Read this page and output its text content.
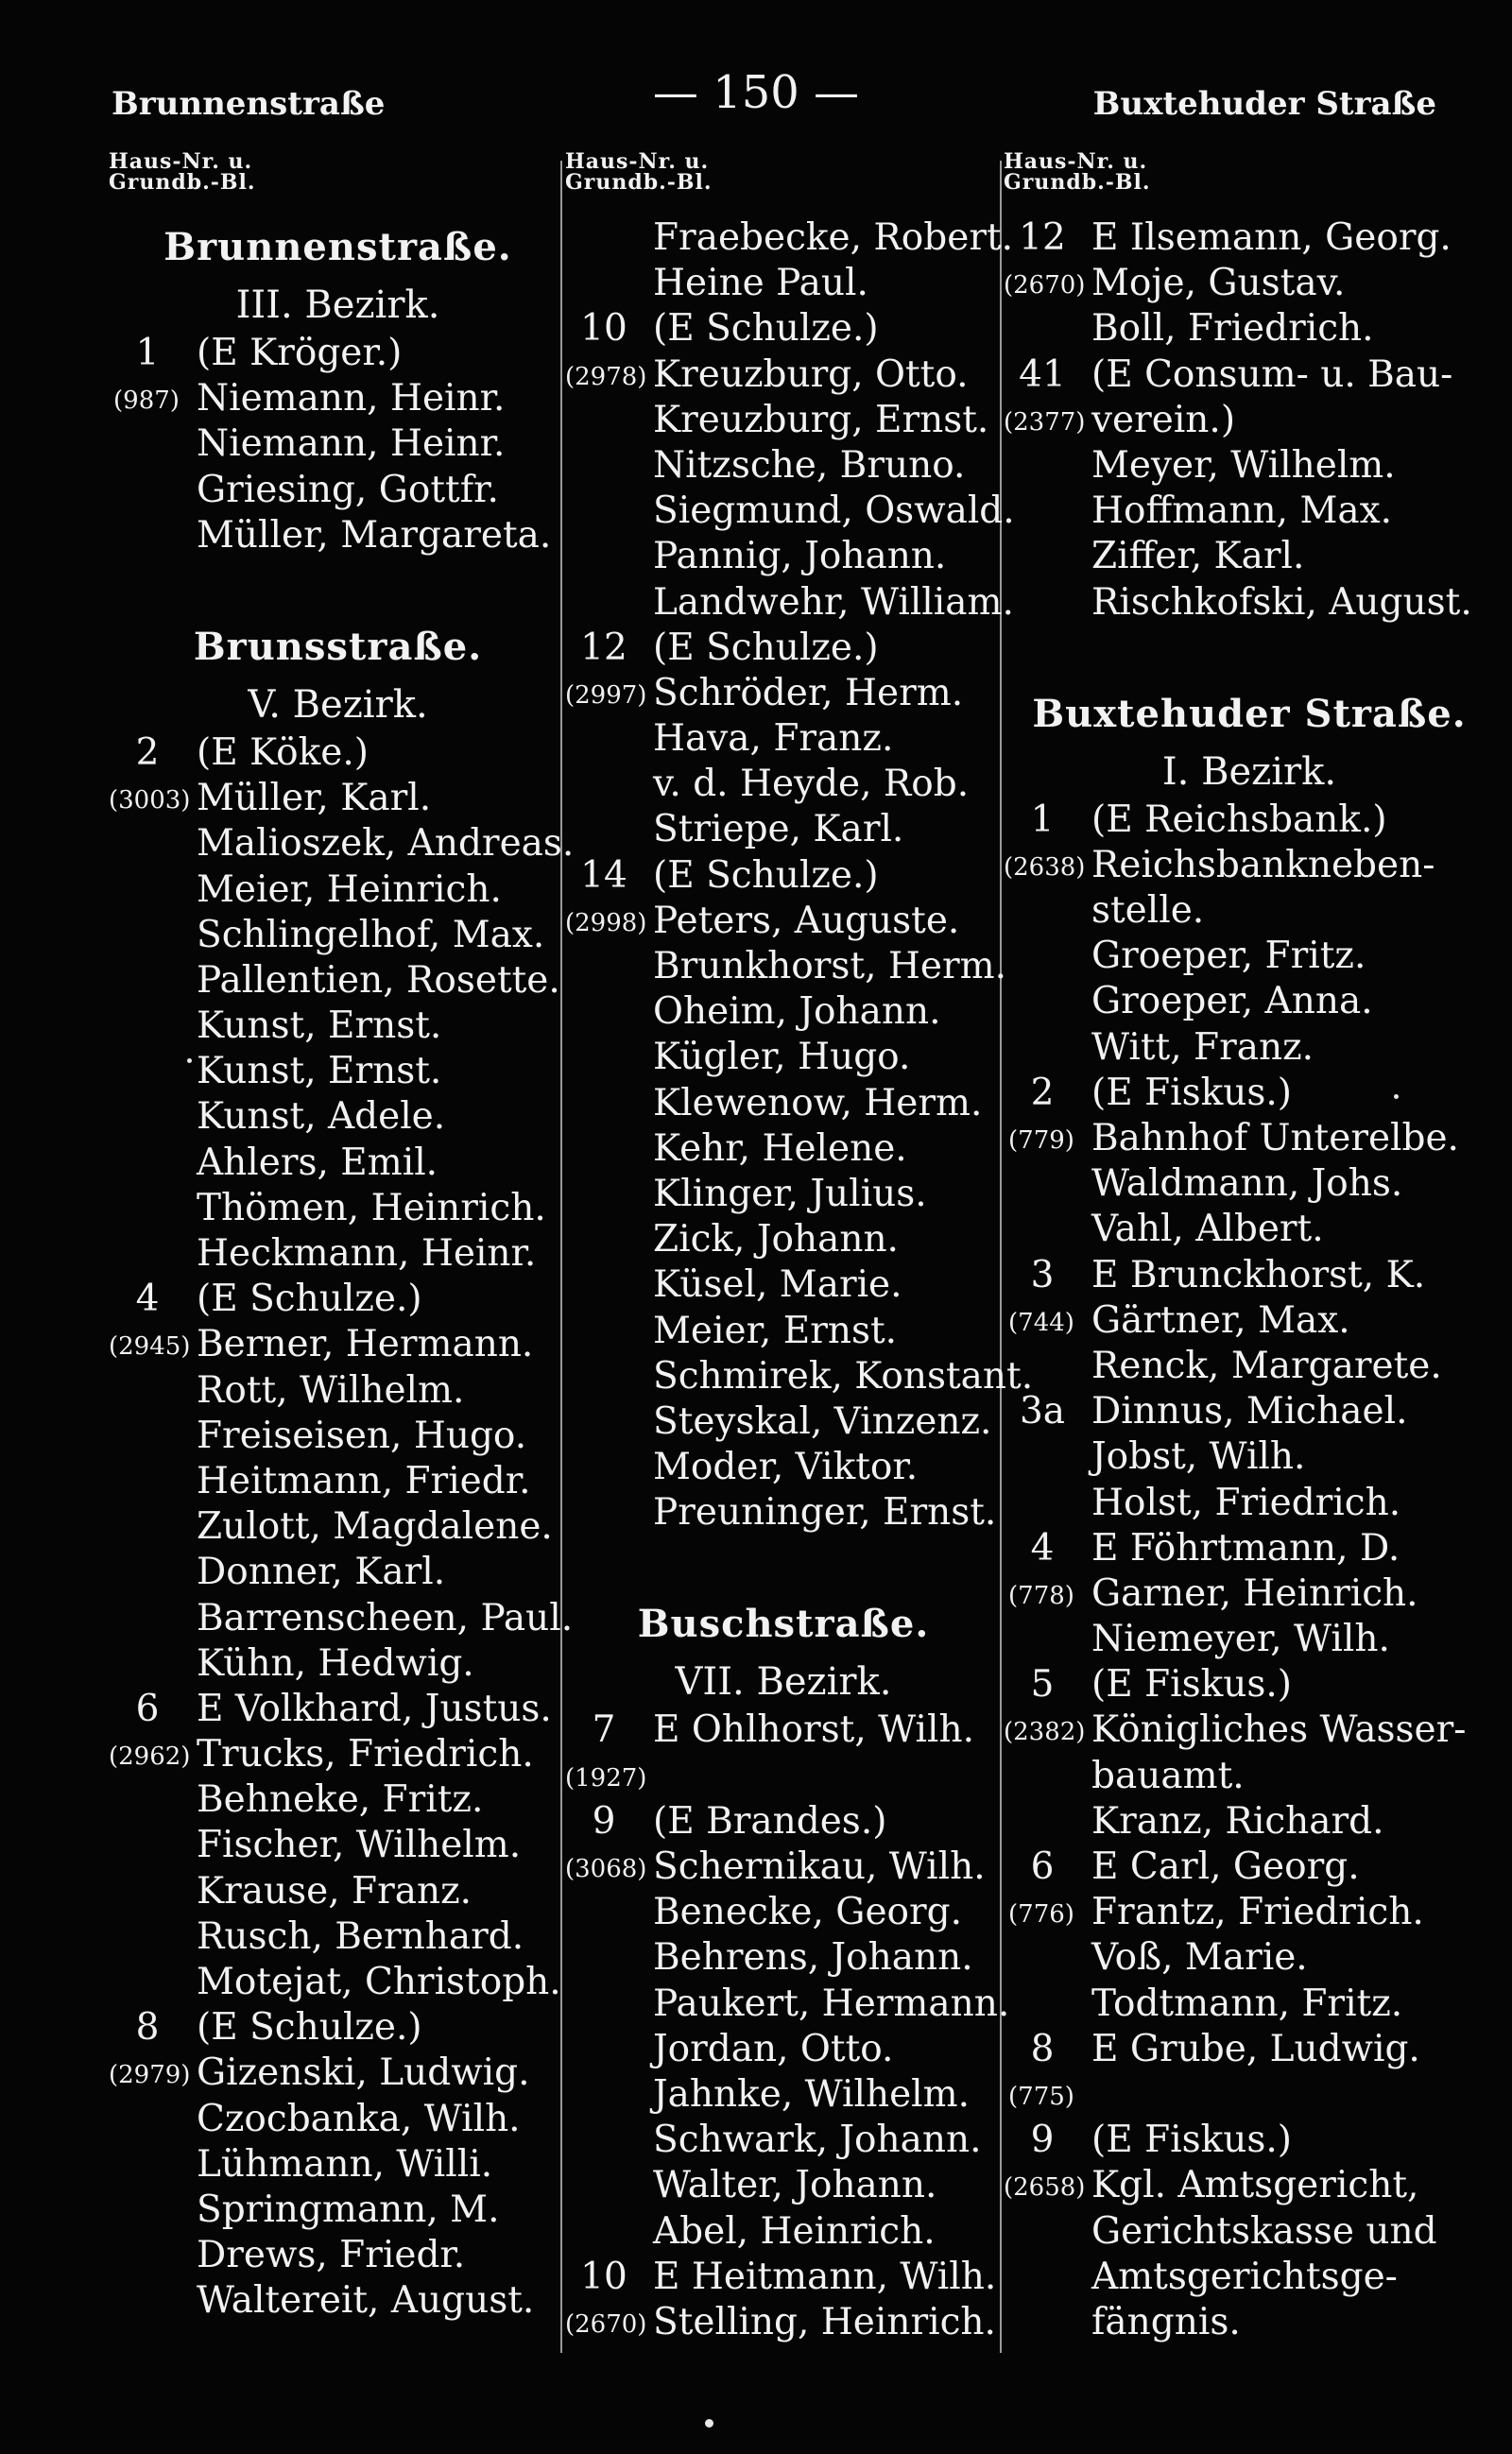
Brunnenstraße	— 150 —	Buxtehuder Straße
Haus-Nr. u.
Grundb.-Bl.
Brunnenstraße.
III. Bezirk.
1	(E Kröger.)
(987) Niemann, Heinr.
Niemann, Heinr.
Griesing, Gottfr.
Müller, Margareta.
Brunsstraße.
V. Bezirk.
2	(E Köke.)
(3003) Müller, Karl.
Malioszek, Andreas.
Meier, Heinrich.
Schlingelhof, Max.
Pallentien, Rosette.
Kunst, Ernst.
Kunst, Ernst.
Kunst, Adele.
Ahlers, Emil.
Thömen, Heinrich.
Heckmann, Heinr.
4	(E Schulze.)
(2945) Berner, Hermann.
Rott, Wilhelm.
Freiseisen, Hugo.
Heitmann, Friedr.
Zulott, Magdalene.
Donner, Karl.
Barrenscheen, Paul.
Kühn, Hedwig.
6	E Volkhard, Justus.
(2962) Trucks, Friedrich.
Behneke, Fritz.
Fischer, Wilhelm.
Krause, Franz.
Rusch, Bernhard.
Motejat, Christoph.
8	(E Schulze.)
(2979) Gizenski, Ludwig.
Czocbanka, Wilh.
Lühmann, Willi.
Springmann, M.
Drews, Friedr.
Waltereit, August.
Haus-Nr. u.
Grundb.-Bl.
Fraebecke, Robert.
Heine Paul.
10 (E Schulze.)
(2978) Kreuzburg, Otto.
Kreuzburg, Ernst.
Nitzsche, Bruno.
Siegmund, Oswald.
Pannig, Johann.
Landwehr, William.
12 (E Schulze.)
(2997) Schröder, Herm.
Hava, Franz.
v. d. Heyde, Rob.
Striepe, Karl.
14 (E Schulze.)
(2998) Peters, Auguste.
Brunkhorst, Herm.
Oheim, Johann.
Kügler, Hugo.
Klewenow, Herm.
Kehr, Helene.
Klinger, Julius.
Zick, Johann.
Küsel, Marie.
Meier, Ernst.
Schmirek, Konstant.
Steyskal, Vinzenz.
Moder, Viktor.
Preuninger, Ernst.
Buschstraße.
VII. Bezirk.
7	E Ohlhorst, Wilh.
(1927)
9	(E Brandes.)
(3068) Schernikau, Wilh.
Benecke, Georg.
Behrens, Johann.
Paukert, Hermann.
Jordan, Otto.
Jahnke, Wilhelm.
Schwark, Johann.
Walter, Johann.
Abel, Heinrich.
10 E Heitmann, Wilh.
(2670) Stelling, Heinrich.
Haus-Nr. u.
Grundb.-Bl.
12 E Ilsemann, Georg.
(2670) Moje, Gustav.
Boll, Friedrich.
41 (E Consum- u. Bau-
(2377) verein.)
Meyer, Wilhelm.
Hoffmann, Max.
Ziffer, Karl.
Rischkofski, August.
Buxtehuder Straße.
I. Bezirk.
1	(E Reichsbank.)
(2638) Reichsbankneben-
stelle.
Groeper, Fritz.
Groeper, Anna.
Witt, Franz.
2	(E Fiskus.)
(779) Bahnhof Unterelbe.
Waldmann, Johs.
Vahl, Albert.
3	E Brunckhorst, K.
(744) Gärtner, Max.
Renck, Margarete.
3a Dinnus, Michael.
Jobst, Wilh.
Holst, Friedrich.
4	E Föhrtmann, D.
(778) Garner, Heinrich.
Niemeyer, Wilh.
5	(E Fiskus.)
(2382) Königliches Wasser-
bauamt.
Kranz, Richard.
6	E Carl, Georg.
(776) Frantz, Friedrich.
Voß, Marie.
Todtmann, Fritz.
8	E Grube, Ludwig.
(775)
9	(E Fiskus.)
(2658) Kgl. Amtsgericht,
Gerichtskasse und
Amtsgerichtsge-
fängnis.
